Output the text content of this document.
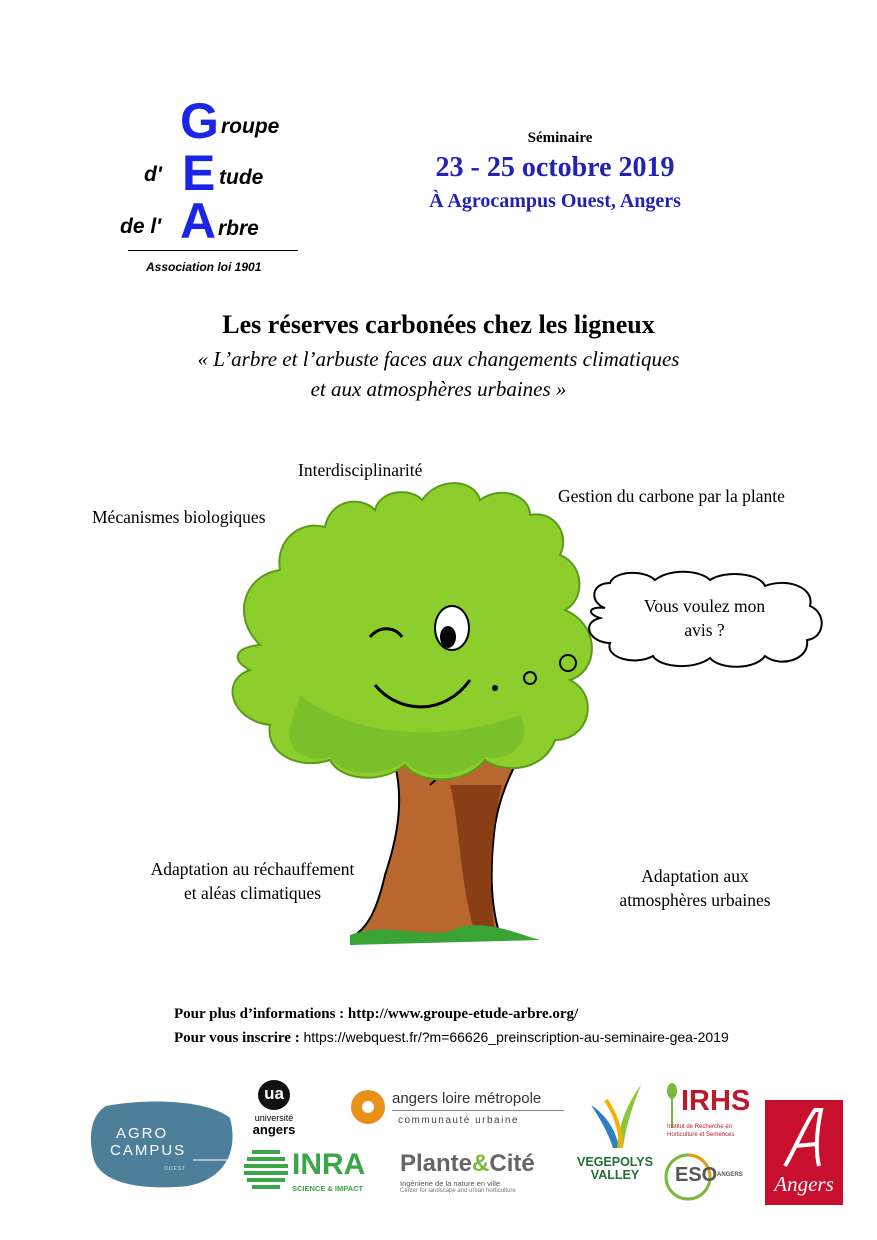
G roupe
d' E tude
de l' A rbre
Association loi 1901
Séminaire
23 - 25 octobre 2019
À Agrocampus Ouest, Angers
Les réserves carbonées chez les ligneux
« L’arbre et l’arbuste faces aux changements climatiques
et aux atmosphères urbaines »
Vous voulez mon
avis ?
Interdisciplinarité
Mécanismes biologiques
Gestion du carbone par la plante
Adaptation au réchauffement
et aléas climatiques
Adaptation aux
atmosphères urbaines
Pour plus d’informations : http://www.groupe-etude-arbre.org/
Pour vous inscrire : https://webquest.fr/?m=66626_preinscription-au-seminaire-gea-2019
AGRO
CAMPUS
OUEST
ua
université
angers
angers loire métropole
communauté urbaine
INRA
SCIENCE & IMPACT
Plante&Cité
Ingénierie de la nature en ville
Center for landscape and urban horticulture
VEGEPOLYS
VALLEY
IRHS
Institut de Recherche en
Horticulture et Semences
ESO ANGERS	Angers
